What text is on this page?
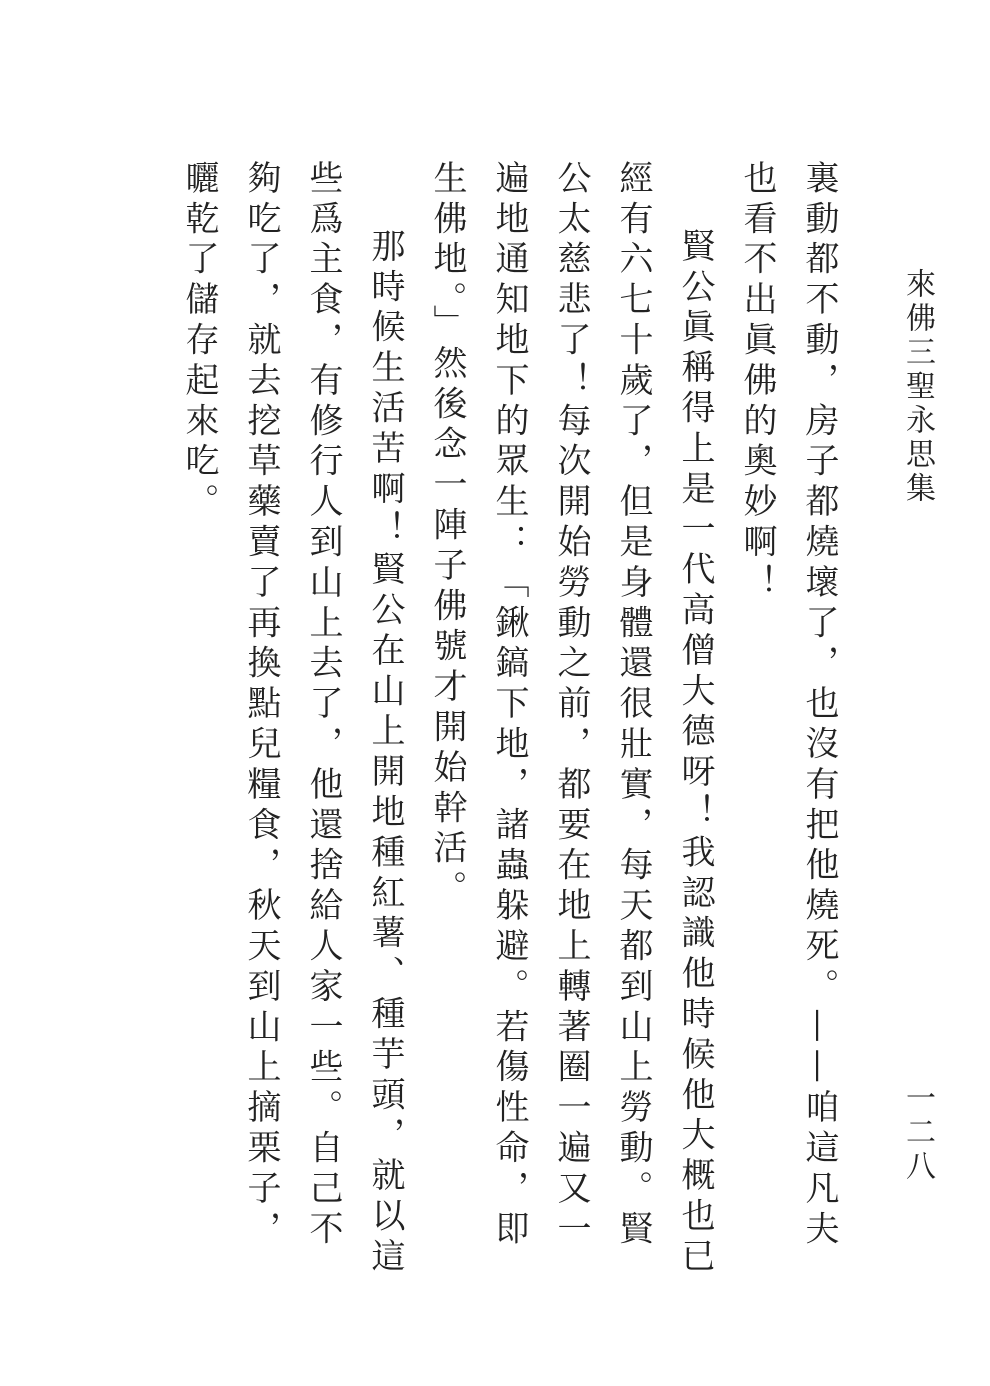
來佛三聖永思集
一二八

裏動都不動，房子都燒壞了，也沒有把他燒死。——咱這凡夫也看不出眞佛的奧妙啊！

賢公眞稱得上是一代高僧大德呀！我認識他時候他大概也已經有六七十歲了，但是身體還很壯實，每天都到山上勞動。賢公太慈悲了！每次開始勞動之前，都要在地上轉著圈一遍又一遍地通知地下的眾生：「鍬鎬下地，諸蟲躲避。若傷性命，即生佛地。」然後念一陣子佛號才開始幹活。

那時候生活苦啊！賢公在山上開地種紅薯、種芋頭，就以這些爲主食，有修行人到山上去了，他還捨給人家一些。自己不夠吃了，就去挖草藥賣了再換點兒糧食，秋天到山上摘栗子，曬乾了儲存起來吃。
